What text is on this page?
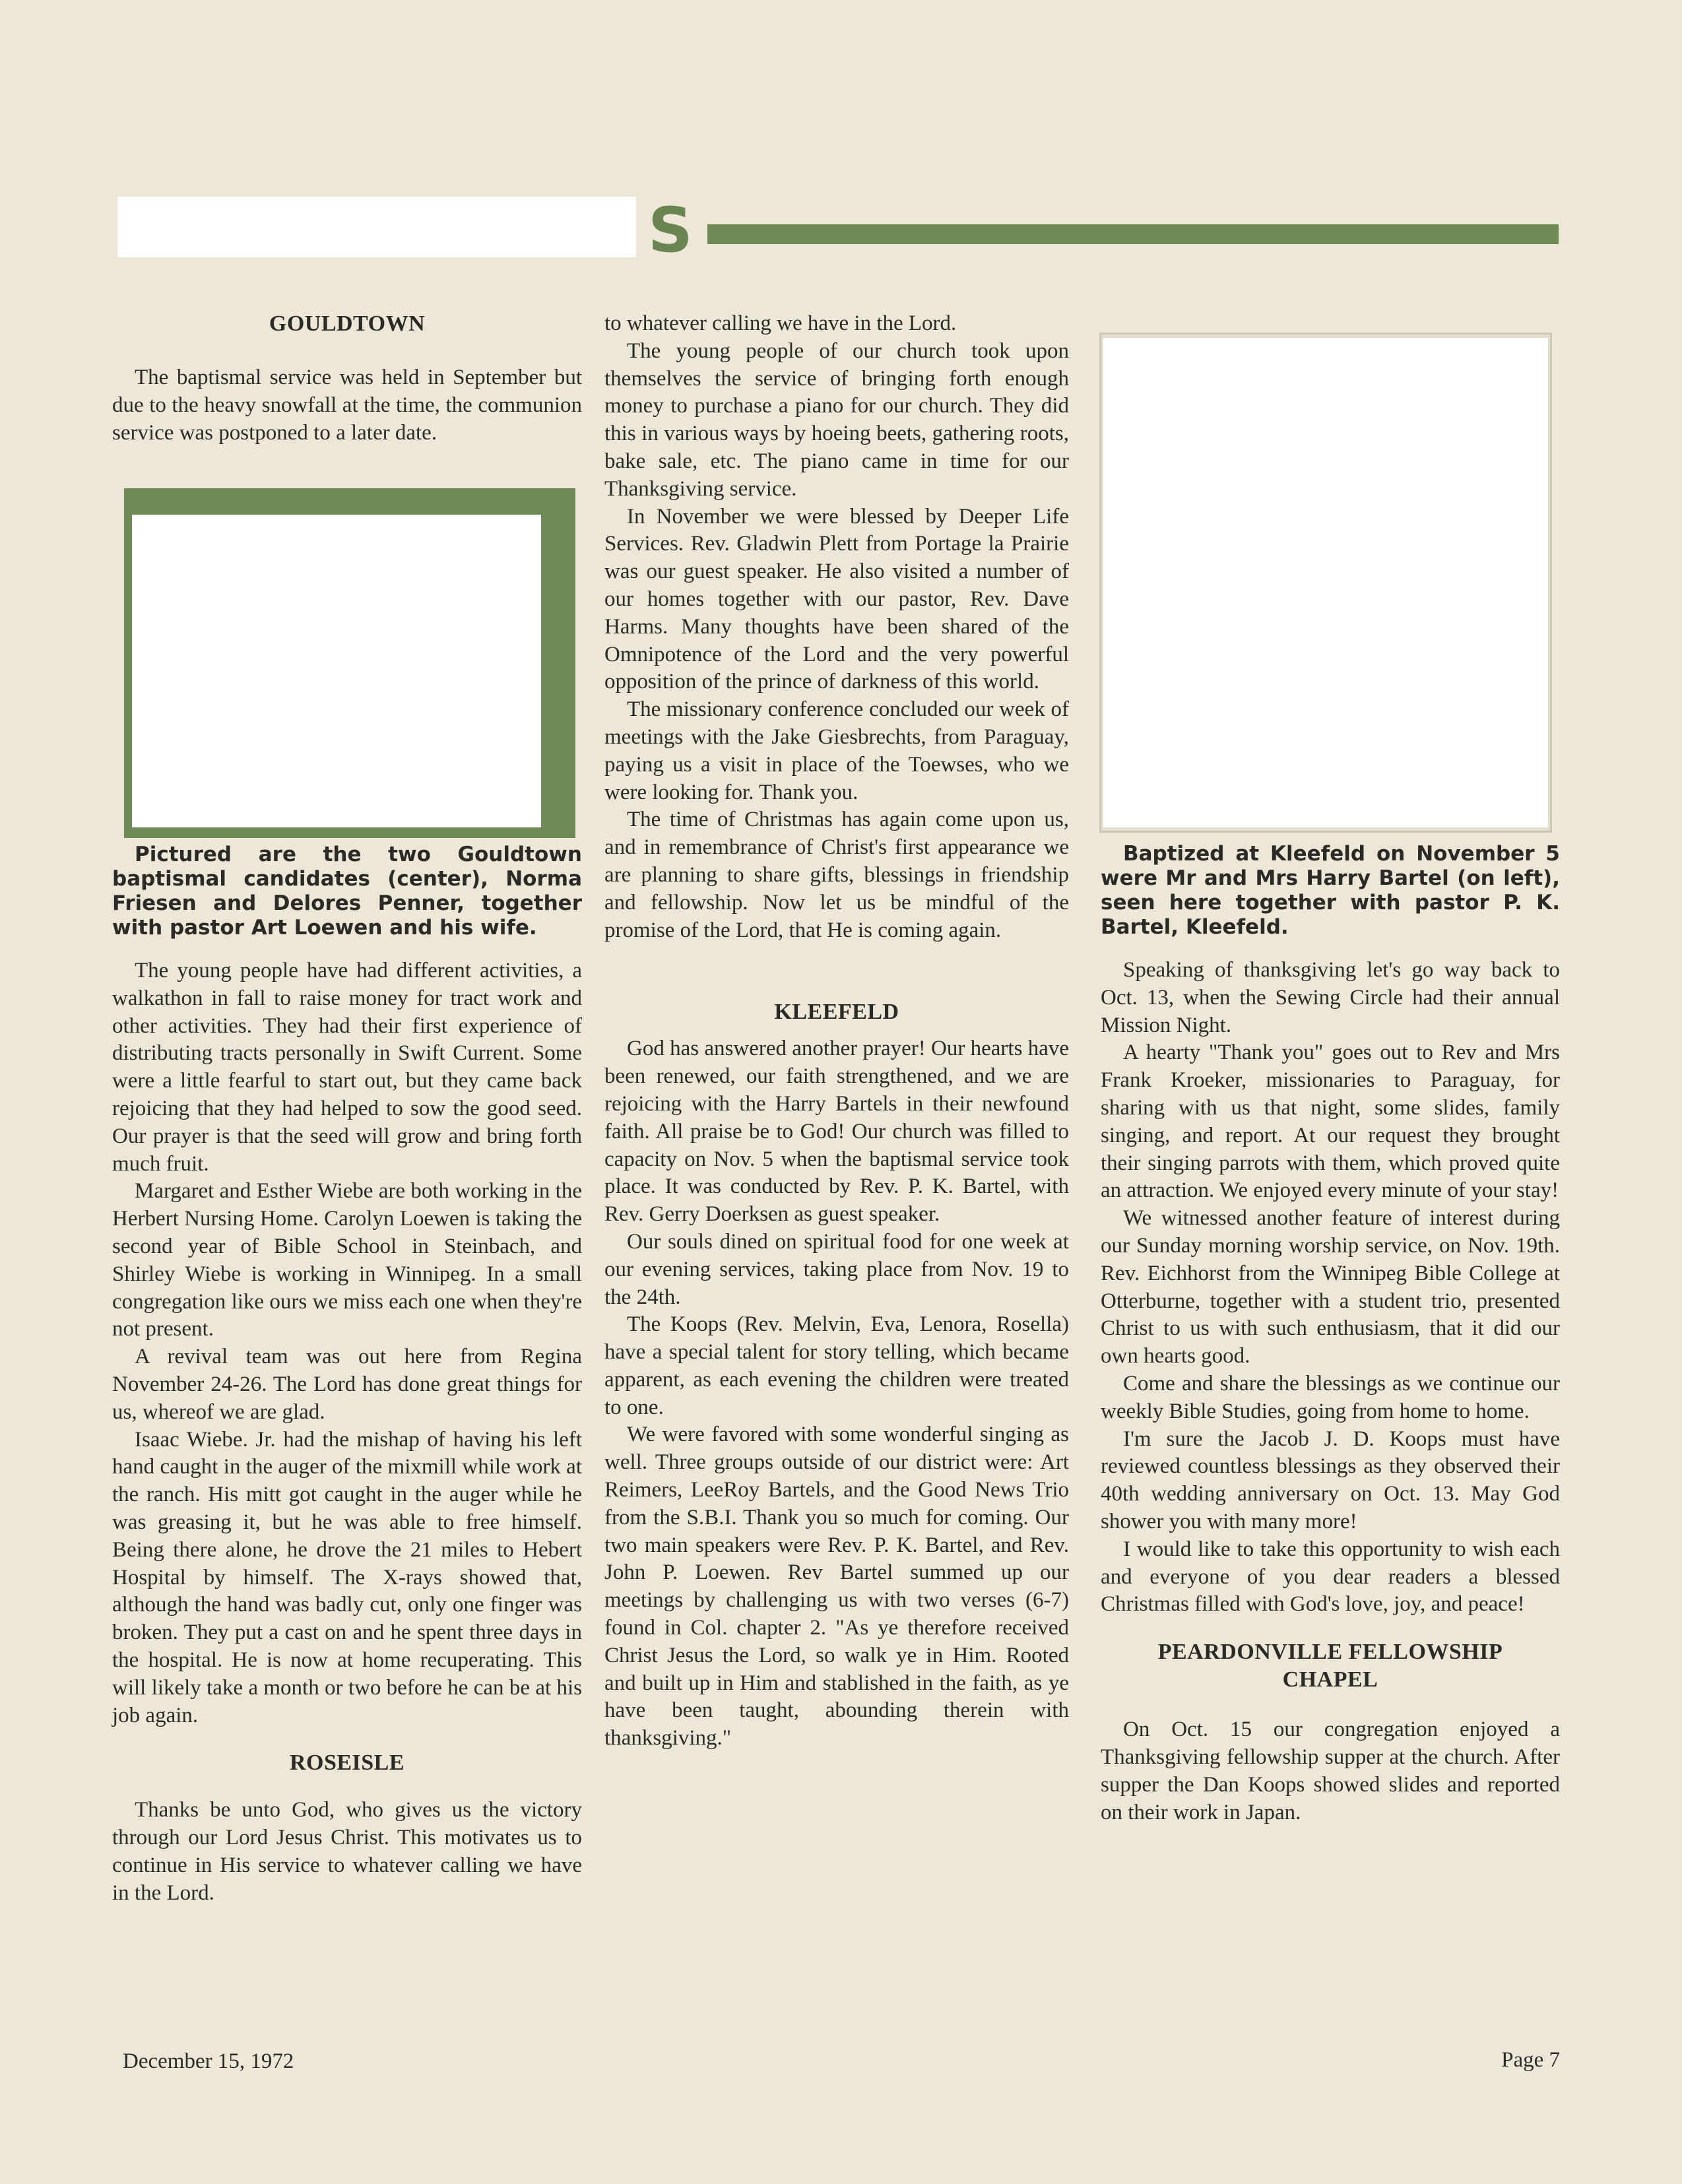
S
GOULDTOWN

The baptismal service was held in September but due to the heavy snowfall at the time, the communion service was postponed to a later date.

Pictured are the two Gouldtown baptismal candidates (center), Norma Friesen and Delores Penner, together with pastor Art Loewen and his wife.

The young people have had different activities, a walkathon in fall to raise money for tract work and other activities. They had their first experience of distributing tracts personally in Swift Current. Some were a little fearful to start out, but they came back rejoicing that they had helped to sow the good seed. Our prayer is that the seed will grow and bring forth much fruit.

Margaret and Esther Wiebe are both working in the Herbert Nursing Home. Carolyn Loewen is taking the second year of Bible School in Steinbach, and Shirley Wiebe is working in Winnipeg. In a small congregation like ours we miss each one when they're not present.

A revival team was out here from Regina November 24-26. The Lord has done great things for us, whereof we are glad.

Isaac Wiebe. Jr. had the mishap of having his left hand caught in the auger of the mixmill while work at the ranch. His mitt got caught in the auger while he was greasing it, but he was able to free himself. Being there alone, he drove the 21 miles to Hebert Hospital by himself. The X-rays showed that, although the hand was badly cut, only one finger was broken. They put a cast on and he spent three days in the hospital. He is now at home recuperating. This will likely take a month or two before he can be at his job again.

ROSEISLE

Thanks be unto God, who gives us the victory through our Lord Jesus Christ. This motivates us to continue in His service to whatever calling we have in the Lord.

to whatever calling we have in the Lord.

The young people of our church took upon themselves the service of bringing forth enough money to purchase a piano for our church. They did this in various ways by hoeing beets, gathering roots, bake sale, etc. The piano came in time for our Thanksgiving service.

In November we were blessed by Deeper Life Services. Rev. Gladwin Plett from Portage la Prairie was our guest speaker. He also visited a number of our homes together with our pastor, Rev. Dave Harms. Many thoughts have been shared of the Omnipotence of the Lord and the very powerful opposition of the prince of darkness of this world.

The missionary conference concluded our week of meetings with the Jake Giesbrechts, from Paraguay, paying us a visit in place of the Toewses, who we were looking for. Thank you.

The time of Christmas has again come upon us, and in remembrance of Christ's first appearance we are planning to share gifts, blessings in friendship and fellowship. Now let us be mindful of the promise of the Lord, that He is coming again.

KLEEFELD

God has answered another prayer! Our hearts have been renewed, our faith strengthened, and we are rejoicing with the Harry Bartels in their newfound faith. All praise be to God! Our church was filled to capacity on Nov. 5 when the baptismal service took place. It was conducted by Rev. P. K. Bartel, with Rev. Gerry Doerksen as guest speaker.

Our souls dined on spiritual food for one week at our evening services, taking place from Nov. 19 to the 24th.

The Koops (Rev. Melvin, Eva, Lenora, Rosella) have a special talent for story telling, which became apparent, as each evening the children were treated to one.

We were favored with some wonderful singing as well. Three groups outside of our district were: Art Reimers, LeeRoy Bartels, and the Good News Trio from the S.B.I. Thank you so much for coming. Our two main speakers were Rev. P. K. Bartel, and Rev. John P. Loewen. Rev Bartel summed up our meetings by challenging us with two verses (6-7) found in Col. chapter 2. "As ye therefore received Christ Jesus the Lord, so walk ye in Him. Rooted and built up in Him and stablished in the faith, as ye have been taught, abounding therein with thanksgiving."

Baptized at Kleefeld on November 5 were Mr and Mrs Harry Bartel (on left), seen here together with pastor P. K. Bartel, Kleefeld.

Speaking of thanksgiving let's go way back to Oct. 13, when the Sewing Circle had their annual Mission Night.

A hearty "Thank you" goes out to Rev and Mrs Frank Kroeker, missionaries to Paraguay, for sharing with us that night, some slides, family singing, and report. At our request they brought their singing parrots with them, which proved quite an attraction. We enjoyed every minute of your stay!

We witnessed another feature of interest during our Sunday morning worship service, on Nov. 19th. Rev. Eichhorst from the Winnipeg Bible College at Otterburne, together with a student trio, presented Christ to us with such enthusiasm, that it did our own hearts good.

Come and share the blessings as we continue our weekly Bible Studies, going from home to home.

I'm sure the Jacob J. D. Koops must have reviewed countless blessings as they observed their 40th wedding anniversary on Oct. 13. May God shower you with many more!

I would like to take this opportunity to wish each and everyone of you dear readers a blessed Christmas filled with God's love, joy, and peace!

PEARDONVILLE FELLOWSHIP
CHAPEL

On Oct. 15 our congregation enjoyed a Thanksgiving fellowship supper at the church. After supper the Dan Koops showed slides and reported on their work in Japan.

December 15, 1972	Page 7
